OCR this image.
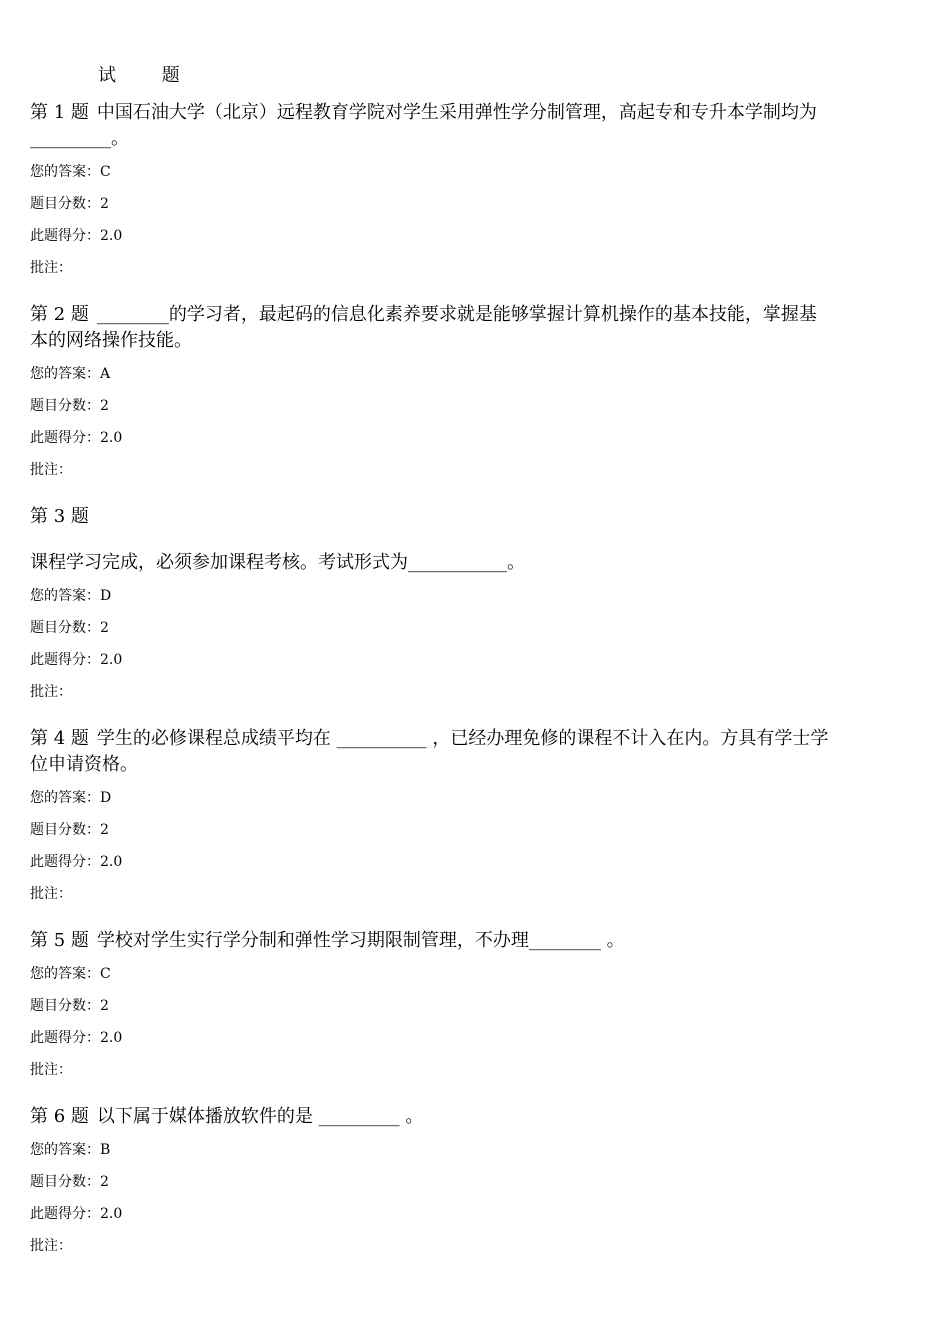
试 题
第 1 题 中国石油大学（北京）远程教育学院对学生采用弹性学分制管理，高起专和专升本学制均为_________。
您的答案：C
题目分数：2
此题得分：2.0
批注：
第 2 题 ________的学习者，最起码的信息化素养要求就是能够掌握计算机操作的基本技能，掌握基本的网络操作技能。
您的答案：A
题目分数：2
此题得分：2.0
批注：
第 3 题
课程学习完成，必须参加课程考核。考试形式为___________。
您的答案：D
题目分数：2
此题得分：2.0
批注：
第 4 题 学生的必修课程总成绩平均在 __________ ，已经办理免修的课程不计入在内。方具有学士学位申请资格。
您的答案：D
题目分数：2
此题得分：2.0
批注：
第 5 题 学校对学生实行学分制和弹性学习期限制管理，不办理________ 。
您的答案：C
题目分数：2
此题得分：2.0
批注：
第 6 题 以下属于媒体播放软件的是 _________ 。
您的答案：B
题目分数：2
此题得分：2.0
批注：
